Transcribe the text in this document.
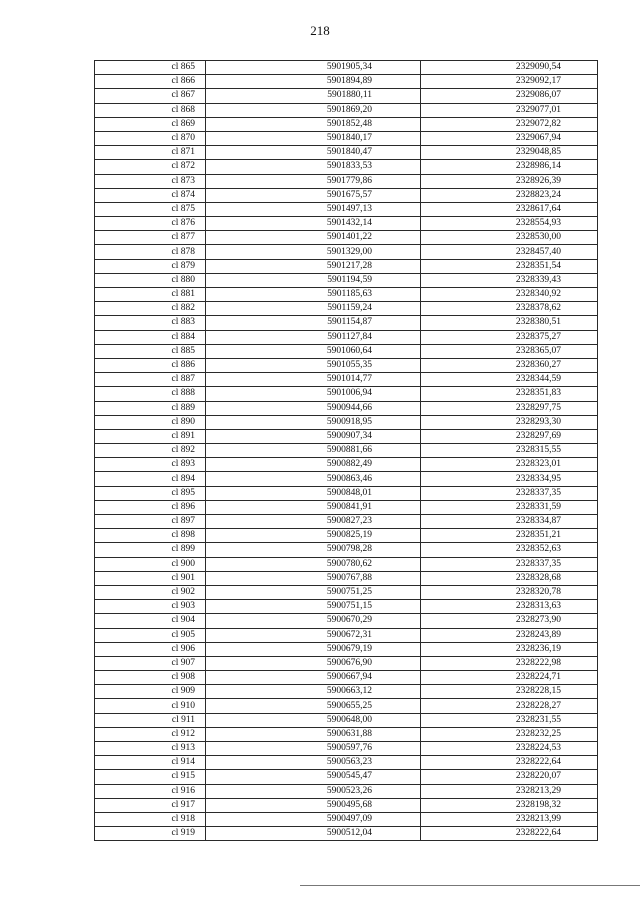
218
cl 865	5901905,34	2329090,54
cl 866	5901894,89	2329092,17
cl 867	5901880,11	2329086,07
cl 868	5901869,20	2329077,01
cl 869	5901852,48	2329072,82
cl 870	5901840,17	2329067,94
cl 871	5901840,47	2329048,85
cl 872	5901833,53	2328986,14
cl 873	5901779,86	2328926,39
cl 874	5901675,57	2328823,24
cl 875	5901497,13	2328617,64
cl 876	5901432,14	2328554,93
cl 877	5901401,22	2328530,00
cl 878	5901329,00	2328457,40
cl 879	5901217,28	2328351,54
cl 880	5901194,59	2328339,43
cl 881	5901185,63	2328340,92
cl 882	5901159,24	2328378,62
cl 883	5901154,87	2328380,51
cl 884	5901127,84	2328375,27
cl 885	5901060,64	2328365,07
cl 886	5901055,35	2328360,27
cl 887	5901014,77	2328344,59
cl 888	5901006,94	2328351,83
cl 889	5900944,66	2328297,75
cl 890	5900918,95	2328293,30
cl 891	5900907,34	2328297,69
cl 892	5900881,66	2328315,55
cl 893	5900882,49	2328323,01
cl 894	5900863,46	2328334,95
cl 895	5900848,01	2328337,35
cl 896	5900841,91	2328331,59
cl 897	5900827,23	2328334,87
cl 898	5900825,19	2328351,21
cl 899	5900798,28	2328352,63
cl 900	5900780,62	2328337,35
cl 901	5900767,88	2328328,68
cl 902	5900751,25	2328320,78
cl 903	5900751,15	2328313,63
cl 904	5900670,29	2328273,90
cl 905	5900672,31	2328243,89
cl 906	5900679,19	2328236,19
cl 907	5900676,90	2328222,98
cl 908	5900667,94	2328224,71
cl 909	5900663,12	2328228,15
cl 910	5900655,25	2328228,27
cl 911	5900648,00	2328231,55
cl 912	5900631,88	2328232,25
cl 913	5900597,76	2328224,53
cl 914	5900563,23	2328222,64
cl 915	5900545,47	2328220,07
cl 916	5900523,26	2328213,29
cl 917	5900495,68	2328198,32
cl 918	5900497,09	2328213,99
cl 919	5900512,04	2328222,64
